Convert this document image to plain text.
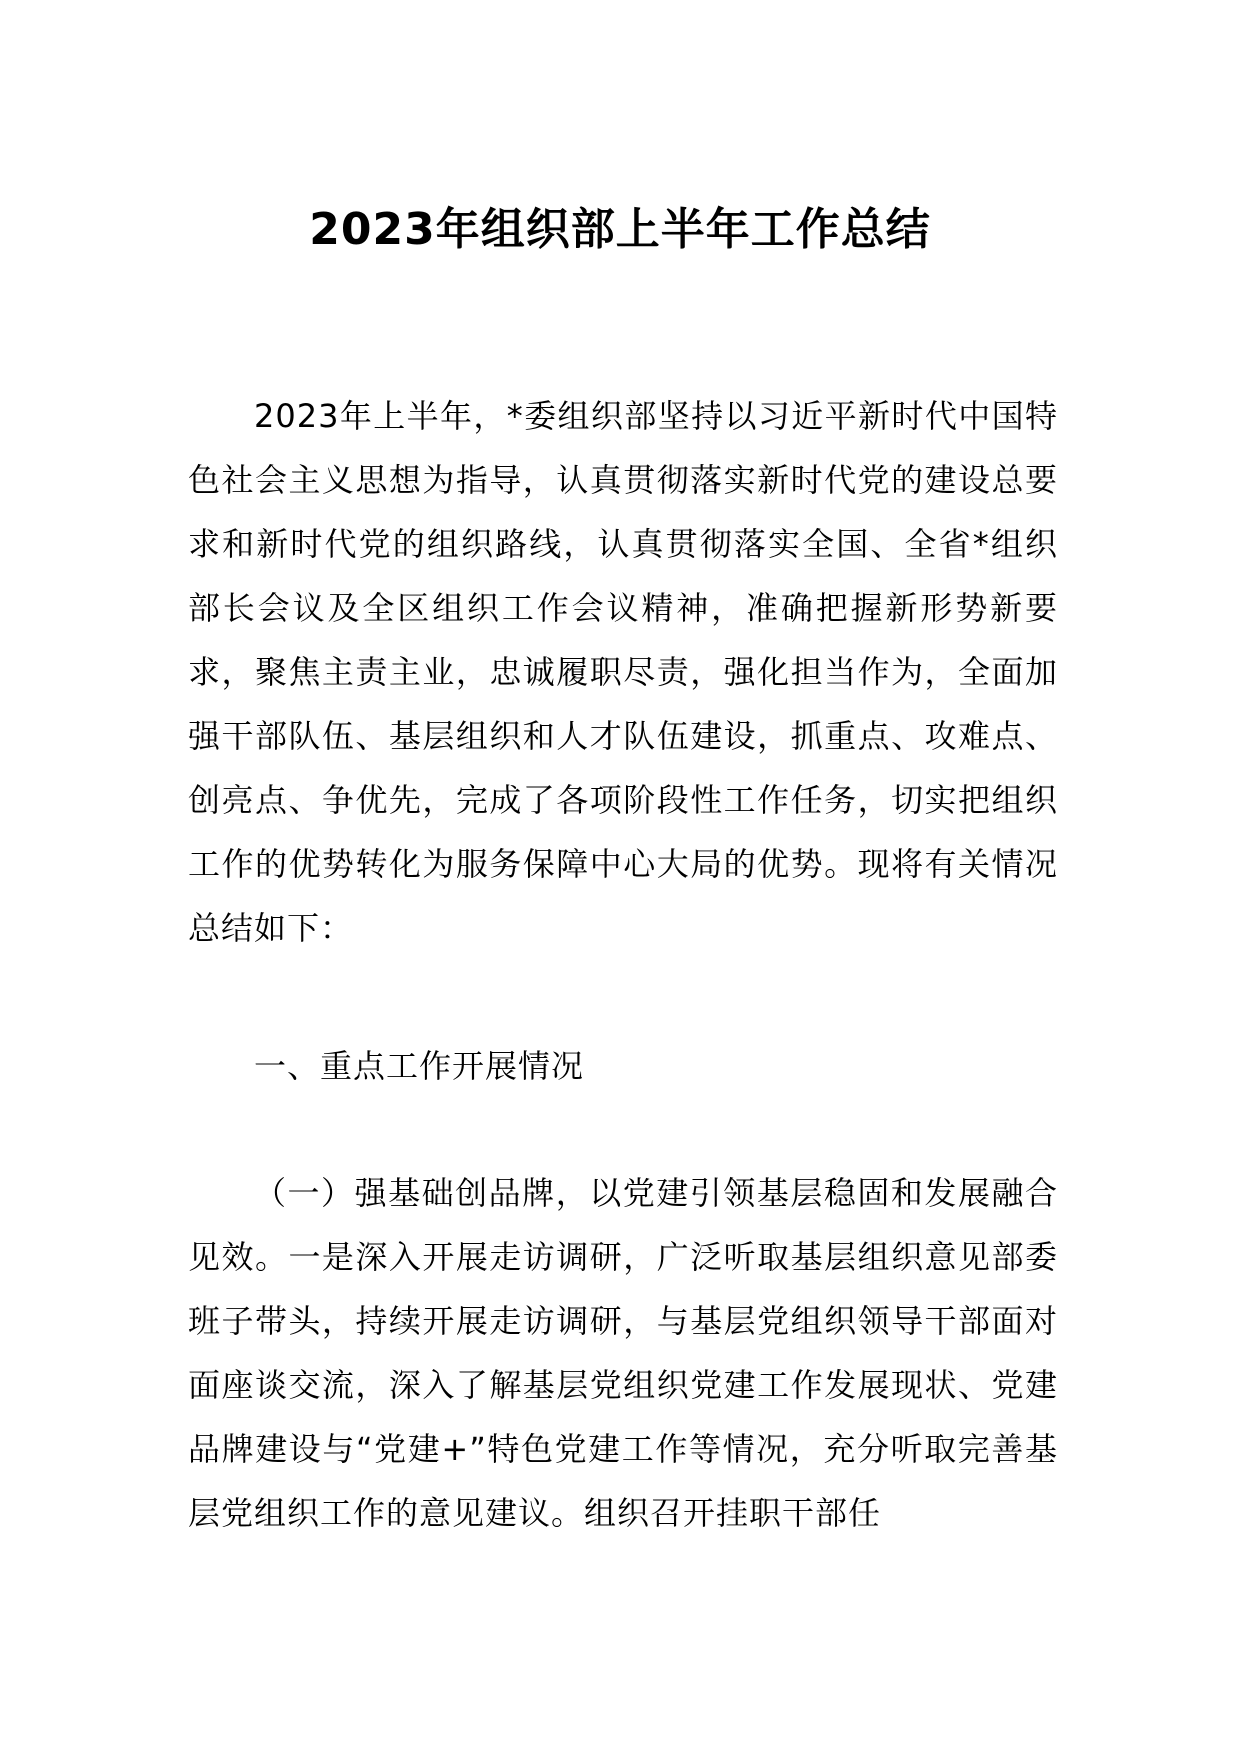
2023年组织部上半年工作总结

2023年上半年，*委组织部坚持以习近平新时代中国特色社会主义思想为指导，认真贯彻落实新时代党的建设总要求和新时代党的组织路线，认真贯彻落实全国、全省*组织部长会议及全区组织工作会议精神，准确把握新形势新要求，聚焦主责主业，忠诚履职尽责，强化担当作为，全面加强干部队伍、基层组织和人才队伍建设，抓重点、攻难点、创亮点、争优先，完成了各项阶段性工作任务，切实把组织工作的优势转化为服务保障中心大局的优势。现将有关情况总结如下：

一、重点工作开展情况

（一）强基础创品牌，以党建引领基层稳固和发展融合见效。一是深入开展走访调研，广泛听取基层组织意见部委班子带头，持续开展走访调研，与基层党组织领导干部面对面座谈交流，深入了解基层党组织党建工作发展现状、党建品牌建设与“党建+”特色党建工作等情况，充分听取完善基层党组织工作的意见建议。组织召开挂职干部任
